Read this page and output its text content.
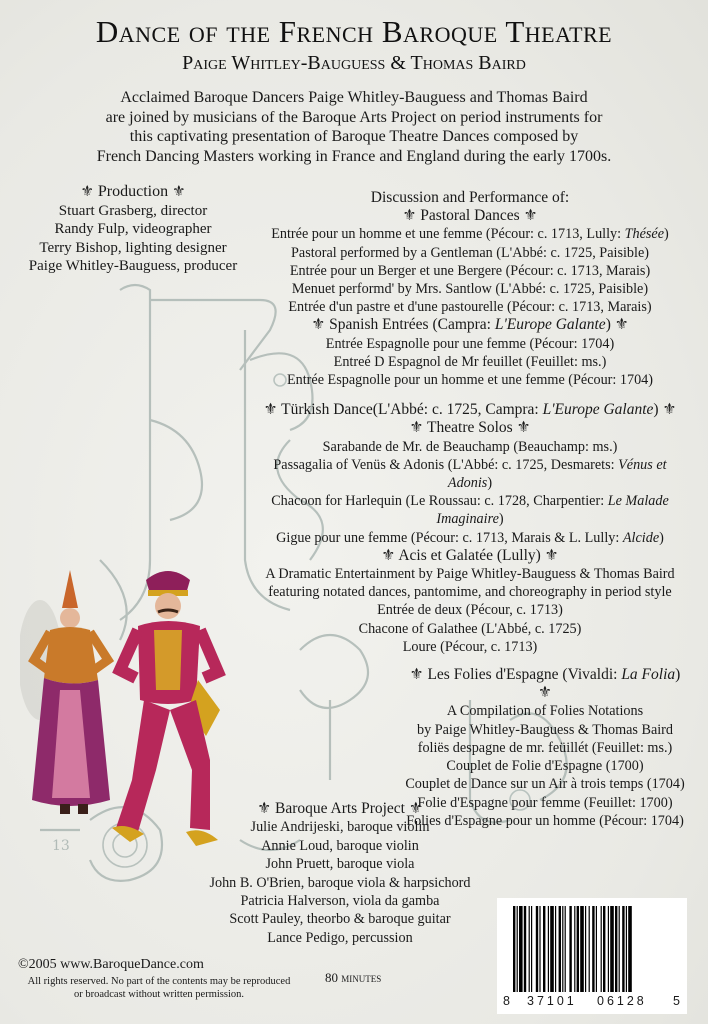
13
Dance of the French Baroque Theatre
Paige Whitley-Bauguess & Thomas Baird
Acclaimed Baroque Dancers Paige Whitley-Bauguess and Thomas Baird
are joined by musicians of the Baroque Arts Project on period instruments for
this captivating presentation of Baroque Theatre Dances composed by
French Dancing Masters working in France and England during the early 1700s.
⚜ Production ⚜
Stuart Grasberg, director
Randy Fulp, videographer
Terry Bishop, lighting designer
Paige Whitley-Bauguess, producer
Discussion and Performance of:
⚜ Pastoral Dances ⚜
Entrée pour un homme et une femme (Pécour: c. 1713, Lully: Thésée)
Pastoral performed by a Gentleman (L'Abbé: c. 1725, Paisible)
Entrée pour un Berger et une Bergere (Pécour: c. 1713, Marais)
Menuet performd' by Mrs. Santlow (L'Abbé: c. 1725, Paisible)
Entrée d'un pastre et d'une pastourelle (Pécour: c. 1713, Marais)
⚜ Spanish Entrées (Campra: L'Europe Galante) ⚜
Entrée Espagnolle pour une femme (Pécour: 1704)
Entreé D Espagnol de Mr feuillet (Feuillet: ms.)
Entrée Espagnolle pour un homme et une femme (Pécour: 1704)
⚜ Türkish Dance(L'Abbé: c. 1725, Campra: L'Europe Galante) ⚜
⚜ Theatre Solos ⚜
Sarabande de Mr. de Beauchamp (Beauchamp: ms.)
Passagalia of Venüs & Adonis (L'Abbé: c. 1725, Desmarets: Vénus et Adonis)
Chacoon for Harlequin (Le Roussau: c. 1728, Charpentier: Le Malade Imaginaire)
Gigue pour une femme (Pécour: c. 1713, Marais & L. Lully: Alcide)
⚜ Acis et Galatée (Lully) ⚜
A Dramatic Entertainment by Paige Whitley-Bauguess & Thomas Baird
featuring notated dances, pantomime, and choreography in period style
Entrée de deux (Pécour, c. 1713)
Chacone of Galathee (L'Abbé, c. 1725)
Loure (Pécour, c. 1713)
⚜ Les Folies d'Espagne (Vivaldi: La Folia) ⚜
A Compilation of Folies Notations
by Paige Whitley-Bauguess & Thomas Baird
foliës despagne de mr. feüillét (Feuillet: ms.)
Couplet de Folie d'Espagne (1700)
Couplet de Dance sur un Air à trois temps (1704)
Folie d'Espagne pour femme (Feuillet: 1700)
Folies d'Espagne pour un homme (Pécour: 1704)
⚜ Baroque Arts Project ⚜
Julie Andrijeski, baroque violin
Annie Loud, baroque violin
John Pruett, baroque viola
John B. O'Brien, baroque viola & harpsichord
Patricia Halverson, viola da gamba
Scott Pauley, theorbo & baroque guitar
Lance Pedigo, percussion
©2005 www.BaroqueDance.com
All rights reserved. No part of the contents may be reproduced or broadcast without written permission.
80 minutes
8 37101 06128 5
